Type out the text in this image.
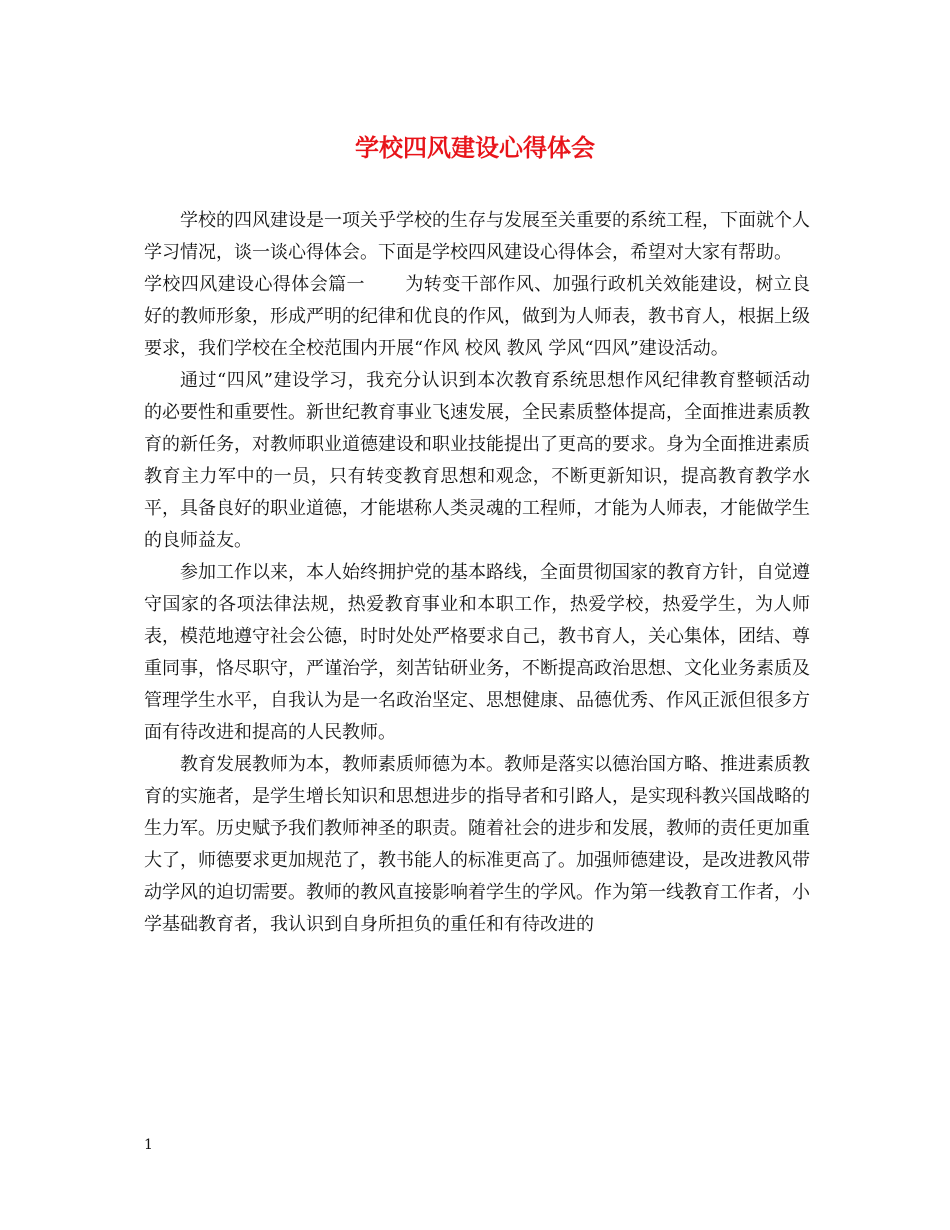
学校四风建设心得体会

学校的四风建设是一项关乎学校的生存与发展至关重要的系统工程，下面就个人学习情况，谈一谈心得体会。下面是学校四风建设心得体会，希望对大家有帮助。

学校四风建设心得体会篇一 为转变干部作风、加强行政机关效能建设，树立良好的教师形象，形成严明的纪律和优良的作风，做到为人师表，教书育人，根据上级要求，我们学校在全校范围内开展“作风 校风 教风 学风“四风”建设活动。

通过“四风”建设学习，我充分认识到本次教育系统思想作风纪律教育整顿活动的必要性和重要性。新世纪教育事业飞速发展，全民素质整体提高，全面推进素质教育的新任务，对教师职业道德建设和职业技能提出了更高的要求。身为全面推进素质教育主力军中的一员，只有转变教育思想和观念，不断更新知识，提高教育教学水平，具备良好的职业道德，才能堪称人类灵魂的工程师，才能为人师表，才能做学生的良师益友。

参加工作以来，本人始终拥护党的基本路线，全面贯彻国家的教育方针，自觉遵守国家的各项法律法规，热爱教育事业和本职工作，热爱学校，热爱学生，为人师表，模范地遵守社会公德，时时处处严格要求自己，教书育人，关心集体，团结、尊重同事，恪尽职守，严谨治学，刻苦钻研业务，不断提高政治思想、文化业务素质及管理学生水平，自我认为是一名政治坚定、思想健康、品德优秀、作风正派但很多方面有待改进和提高的人民教师。

教育发展教师为本，教师素质师德为本。教师是落实以德治国方略、推进素质教育的实施者，是学生增长知识和思想进步的指导者和引路人，是实现科教兴国战略的生力军。历史赋予我们教师神圣的职责。随着社会的进步和发展，教师的责任更加重大了，师德要求更加规范了，教书能人的标准更高了。加强师德建设，是改进教风带动学风的迫切需要。教师的教风直接影响着学生的学风。作为第一线教育工作者，小学基础教育者，我认识到自身所担负的重任和有待改进的

1
